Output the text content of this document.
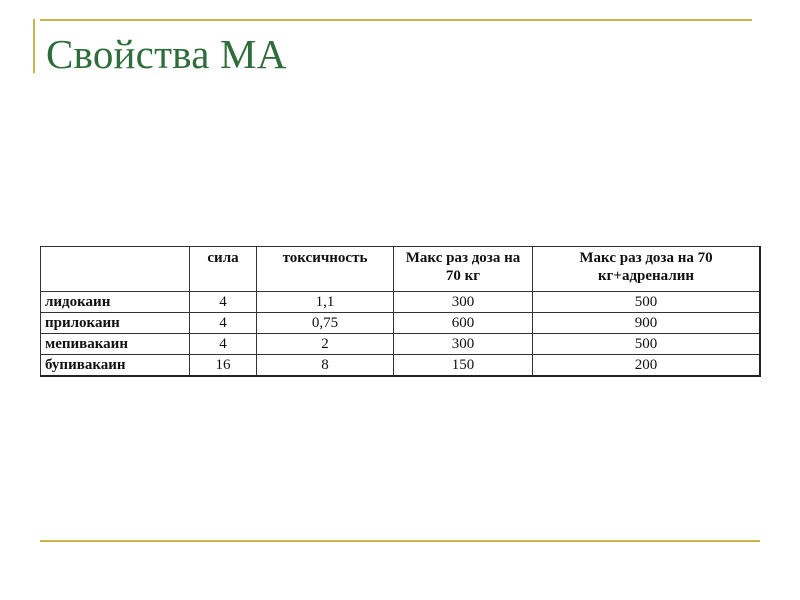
Свойства МА
	сила	токсичность	Макс раз доза на 70 кг	Макс раз доза на 70 кг+адреналин
лидокаин	4	1,1	300	500
прилокаин	4	0,75	600	900
мепивакаин	4	2	300	500
бупивакаин	16	8	150	200
